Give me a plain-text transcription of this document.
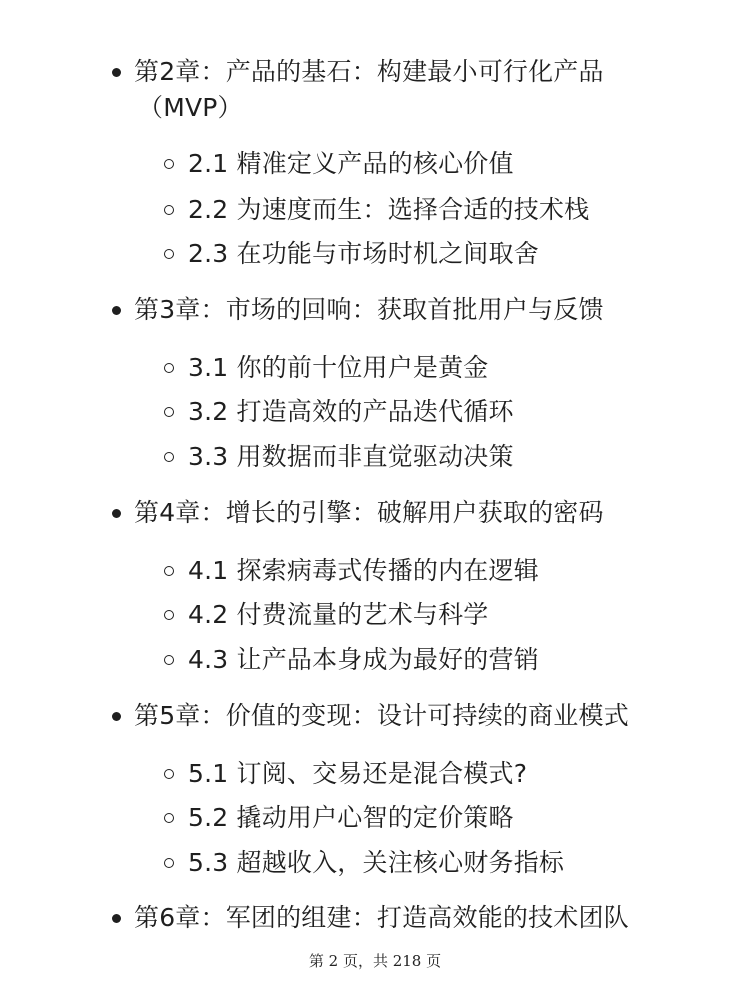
第2章：产品的基石：构建最小可行化产品
（MVP）
2.1 精准定义产品的核心价值
2.2 为速度而生：选择合适的技术栈
2.3 在功能与市场时机之间取舍
第3章：市场的回响：获取首批用户与反馈
3.1 你的前十位用户是黄金
3.2 打造高效的产品迭代循环
3.3 用数据而非直觉驱动决策
第4章：增长的引擎：破解用户获取的密码
4.1 探索病毒式传播的内在逻辑
4.2 付费流量的艺术与科学
4.3 让产品本身成为最好的营销
第5章：价值的变现：设计可持续的商业模式
5.1 订阅、交易还是混合模式?
5.2 撬动用户心智的定价策略
5.3 超越收入，关注核心财务指标
第6章：军团的组建：打造高效能的技术团队
第 2 页，共 218 页
